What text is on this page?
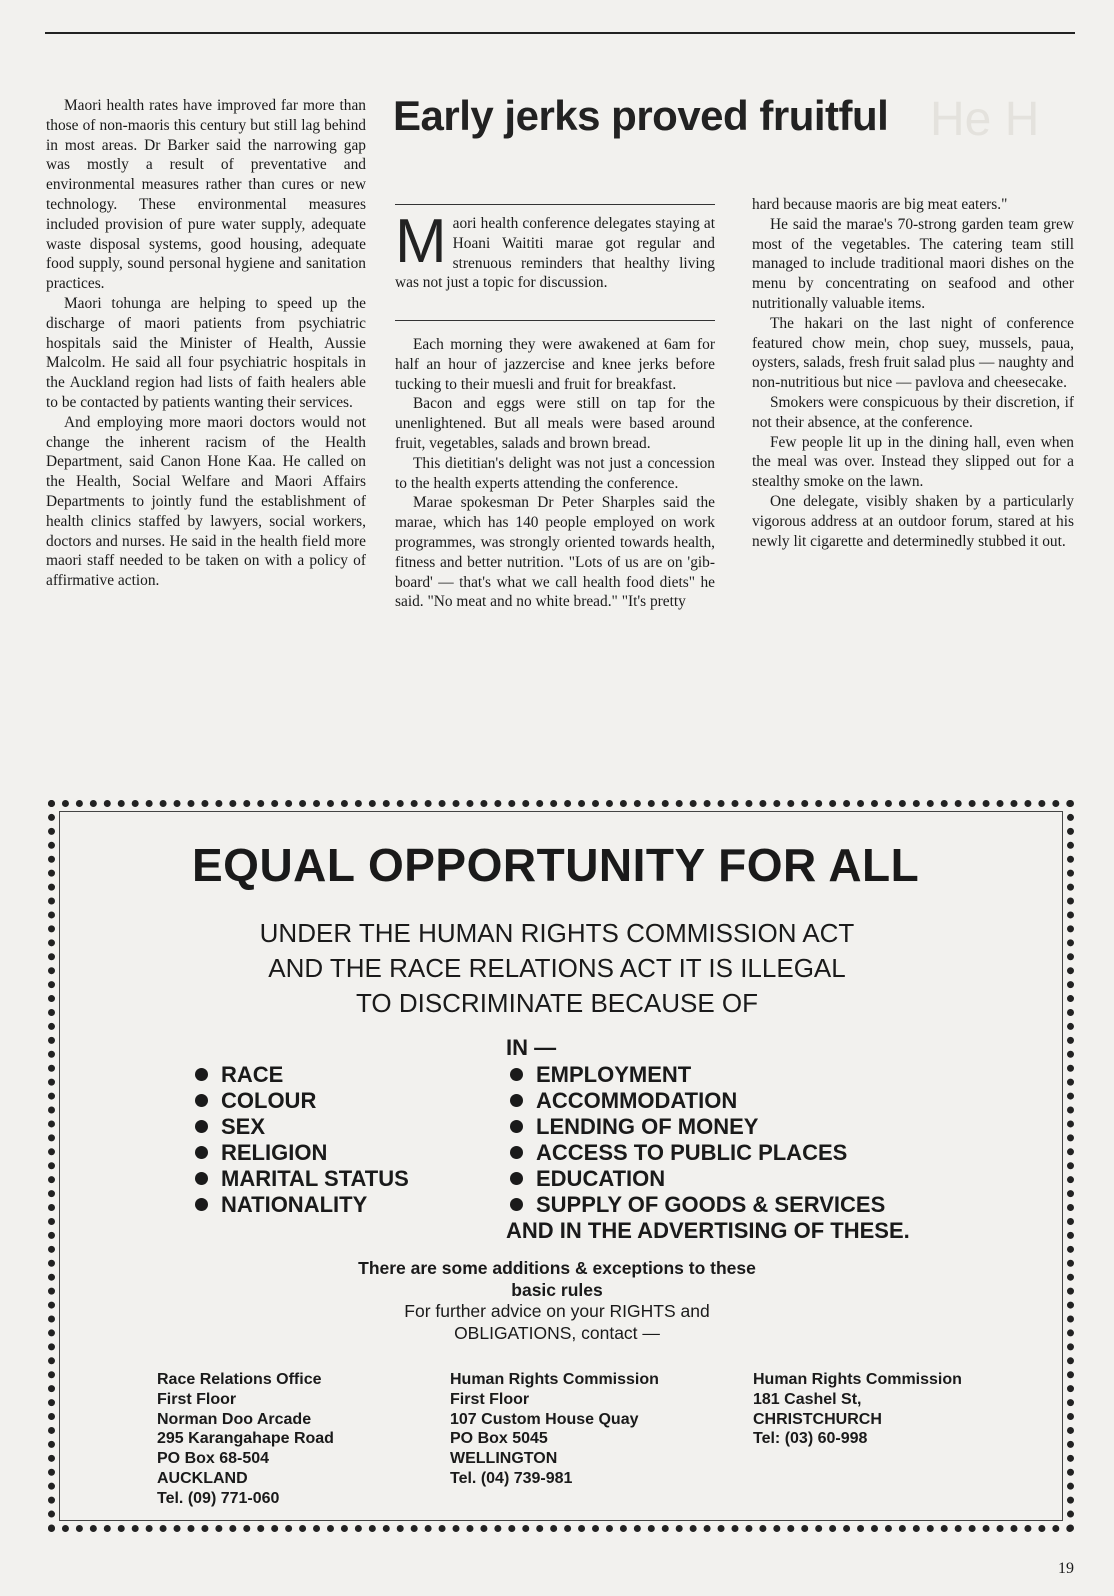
He H

Maori health rates have improved far more than those of non-maoris this century but still lag behind in most areas. Dr Barker said the narrowing gap was mostly a result of preventative and environmental measures rather than cures or new technology. These environmental measures included provision of pure water supply, adequate waste disposal systems, good housing, adequate food supply, sound personal hygiene and sanitation practices.

Maori tohunga are helping to speed up the discharge of maori patients from psychiatric hospitals said the Minister of Health, Aussie Malcolm. He said all four psychiatric hospitals in the Auckland region had lists of faith healers able to be contacted by patients wanting their services.

And employing more maori doctors would not change the inherent racism of the Health Department, said Canon Hone Kaa. He called on the Health, Social Welfare and Maori Affairs Departments to jointly fund the establishment of health clinics staffed by lawyers, social workers, doctors and nurses. He said in the health field more maori staff needed to be taken on with a policy of affirmative action.

Early jerks proved fruitful
M aori health conference delegates staying at Hoani Waititi marae got regular and strenuous reminders that healthy living was not just a topic for discussion.

Each morning they were awakened at 6am for half an hour of jazzercise and knee jerks before tucking to their muesli and fruit for breakfast.

Bacon and eggs were still on tap for the unenlightened. But all meals were based around fruit, vegetables, salads and brown bread.

This dietitian's delight was not just a concession to the health experts attending the conference.

Marae spokesman Dr Peter Sharples said the marae, which has 140 people employed on work programmes, was strongly oriented towards health, fitness and better nutrition. "Lots of us are on 'gib-board' — that's what we call health food diets" he said. "No meat and no white bread." "It's pretty

hard because maoris are big meat eaters."

He said the marae's 70-strong garden team grew most of the vegetables. The catering team still managed to include traditional maori dishes on the menu by concentrating on seafood and other nutritionally valuable items.

The hakari on the last night of conference featured chow mein, chop suey, mussels, paua, oysters, salads, fresh fruit salad plus — naughty and non-nutritious but nice — pavlova and cheesecake.

Smokers were conspicuous by their discretion, if not their absence, at the conference.

Few people lit up in the dining hall, even when the meal was over. Instead they slipped out for a stealthy smoke on the lawn.

One delegate, visibly shaken by a particularly vigorous address at an outdoor forum, stared at his newly lit cigarette and determinedly stubbed it out.

EQUAL OPPORTUNITY FOR ALL
UNDER THE HUMAN RIGHTS COMMISSION ACT
AND THE RACE RELATIONS ACT IT IS ILLEGAL
TO DISCRIMINATE BECAUSE OF
RACE
COLOUR
SEX
RELIGION
MARITAL STATUS
NATIONALITY
IN —
EMPLOYMENT
ACCOMMODATION
LENDING OF MONEY
ACCESS TO PUBLIC PLACES
EDUCATION
SUPPLY OF GOODS & SERVICES
AND IN THE ADVERTISING OF THESE.
There are some additions & exceptions to these
basic rules
For further advice on your RIGHTS and
OBLIGATIONS, contact —
Race Relations Office
First Floor
Norman Doo Arcade
295 Karangahape Road
PO Box 68-504
AUCKLAND
Tel. (09) 771-060
Human Rights Commission
First Floor
107 Custom House Quay
PO Box 5045
WELLINGTON
Tel. (04) 739-981
Human Rights Commission
181 Cashel St,
CHRISTCHURCH
Tel: (03) 60-998
19
